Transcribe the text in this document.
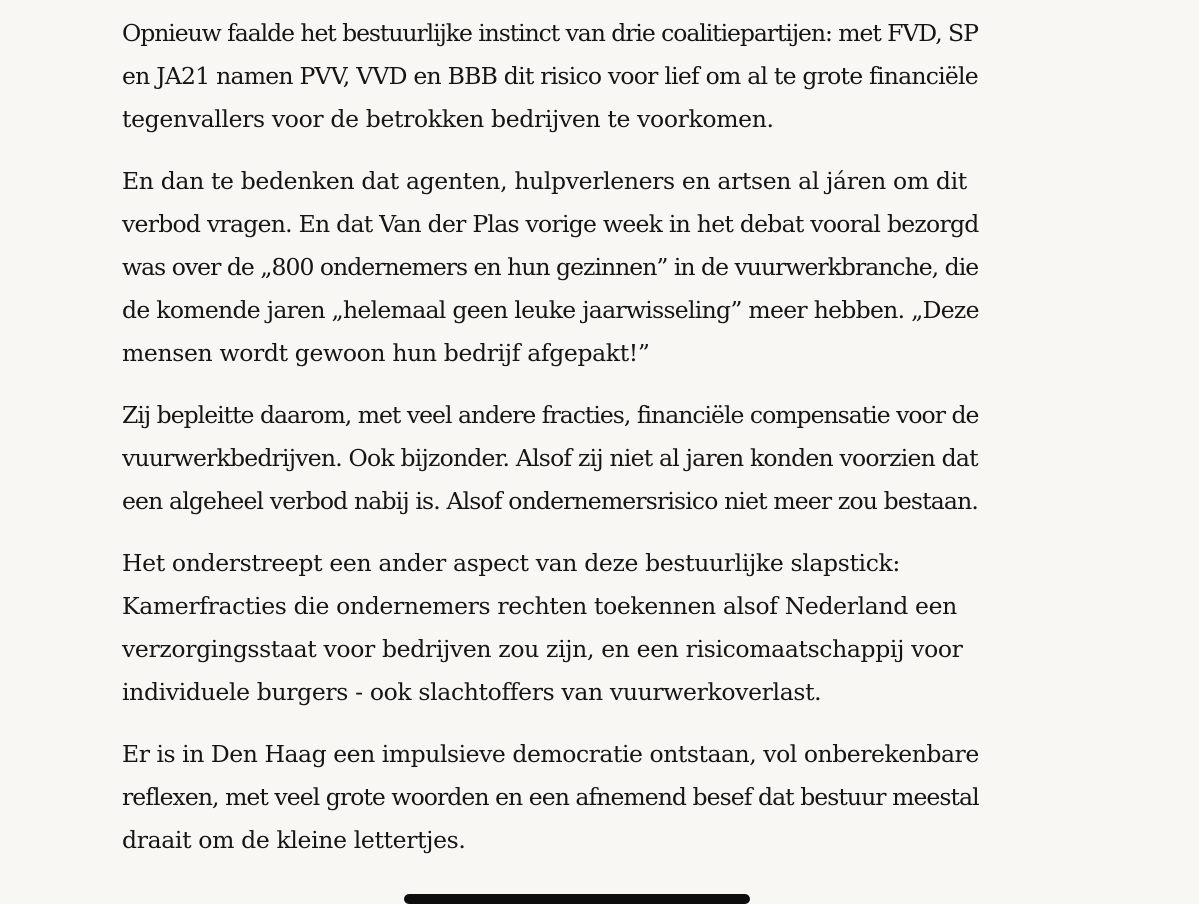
Opnieuw faalde het bestuurlijke instinct van drie coalitiepartijen: met FVD, SP
en JA21 namen PVV, VVD en BBB dit risico voor lief om al te grote financiële
tegenvallers voor de betrokken bedrijven te voorkomen.

En dan te bedenken dat agenten, hulpverleners en artsen al járen om dit
verbod vragen. En dat Van der Plas vorige week in het debat vooral bezorgd
was over de „800 ondernemers en hun gezinnen” in de vuurwerkbranche, die
de komende jaren „helemaal geen leuke jaarwisseling” meer hebben. „Deze
mensen wordt gewoon hun bedrijf afgepakt!”

Zij bepleitte daarom, met veel andere fracties, financiële compensatie voor de
vuurwerkbedrijven. Ook bijzonder. Alsof zij niet al jaren konden voorzien dat
een algeheel verbod nabij is. Alsof ondernemersrisico niet meer zou bestaan.

Het onderstreept een ander aspect van deze bestuurlijke slapstick:
Kamerfracties die ondernemers rechten toekennen alsof Nederland een
verzorgingsstaat voor bedrijven zou zijn, en een risicomaatschappij voor
individuele burgers - ook slachtoffers van vuurwerkoverlast.

Er is in Den Haag een impulsieve democratie ontstaan, vol onberekenbare
reflexen, met veel grote woorden en een afnemend besef dat bestuur meestal
draait om de kleine lettertjes.
